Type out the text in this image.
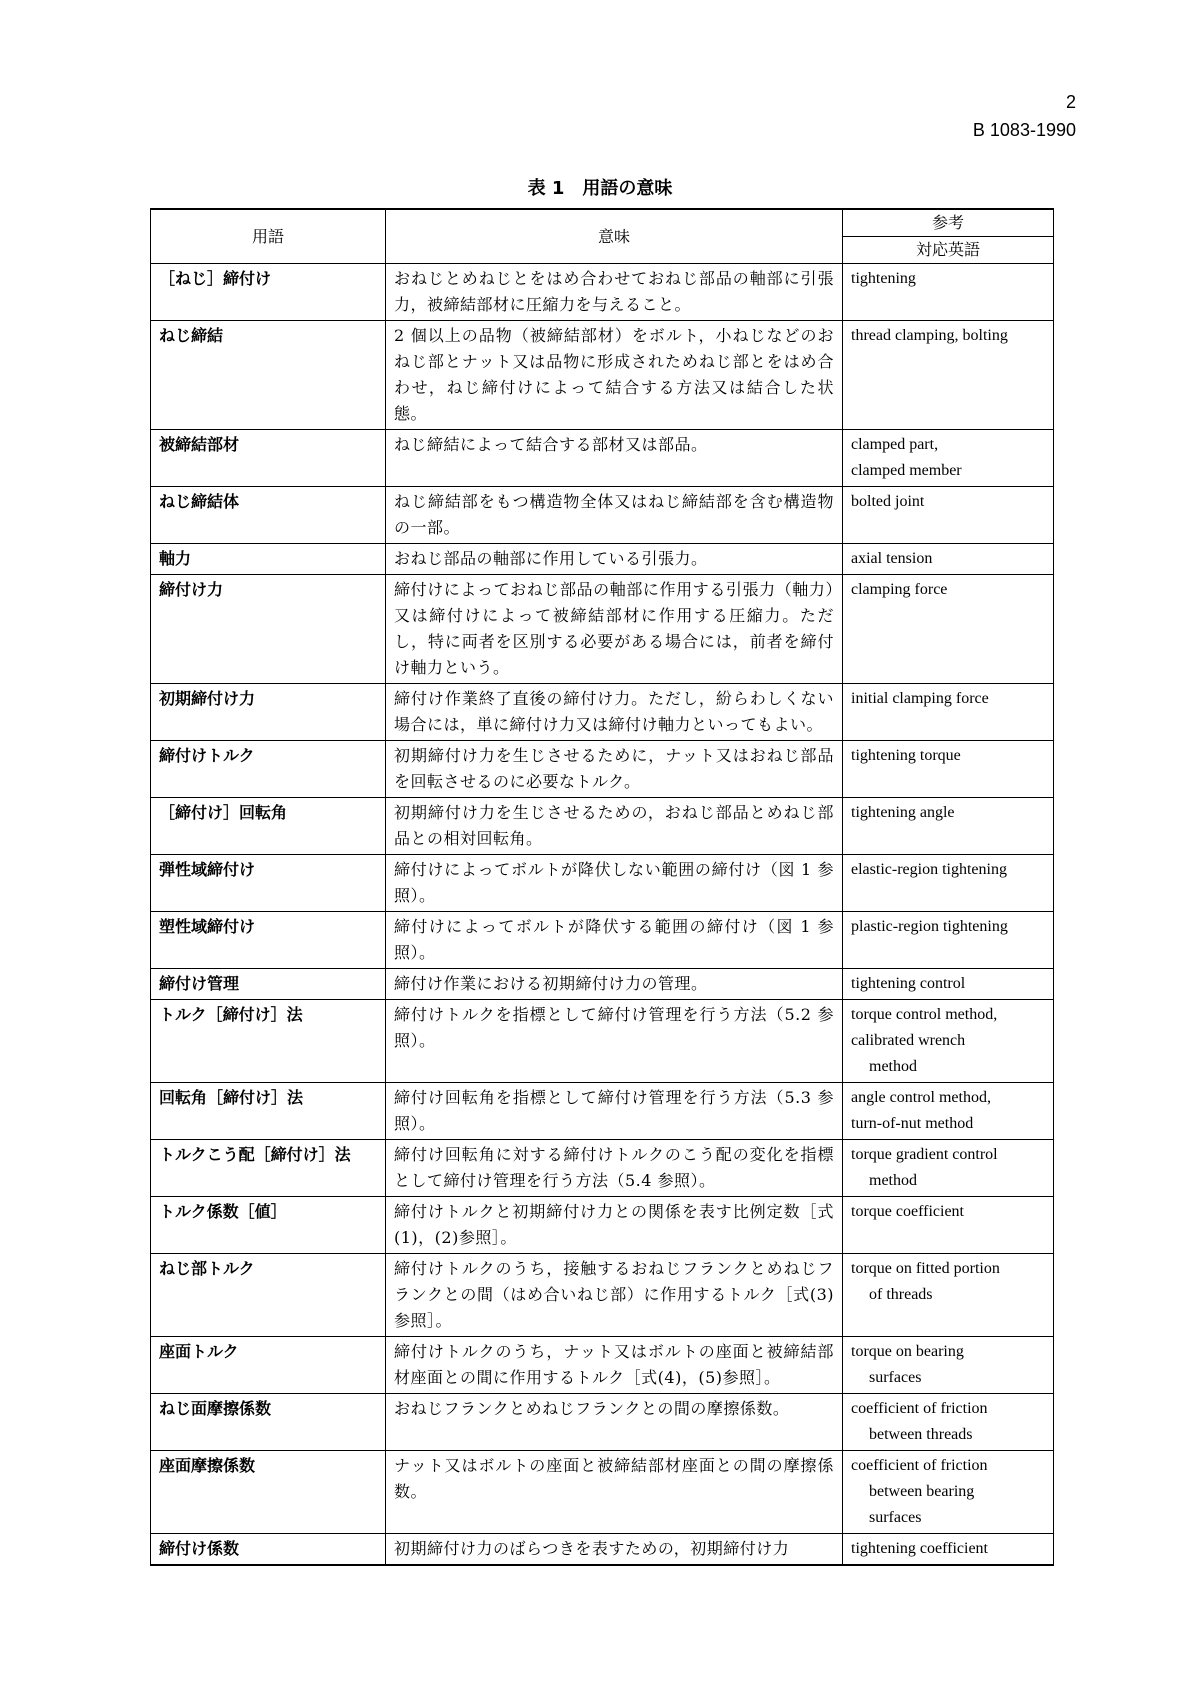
2
B 1083-1990
表 1　用語の意味
用語	意味	参考
		対応英語
［ねじ］締付け	おねじとめねじとをはめ合わせておねじ部品の軸部に引張力，被締結部材に圧縮力を与えること。	tightening

ねじ締結	2 個以上の品物（被締結部材）をボルト，小ねじなどのおねじ部とナット又は品物に形成されためねじ部とをはめ合わせ，ねじ締付けによって結合する方法又は結合した状態。	thread clamping, bolting

被締結部材	ねじ締結によって結合する部材又は部品。	clamped part,
clamped member

ねじ締結体	ねじ締結部をもつ構造物全体又はねじ締結部を含む構造物の一部。	bolted joint

軸力	おねじ部品の軸部に作用している引張力。	axial tension

締付け力	締付けによっておねじ部品の軸部に作用する引張力（軸力）又は締付けによって被締結部材に作用する圧縮力。ただし，特に両者を区別する必要がある場合には，前者を締付け軸力という。	clamping force

初期締付け力	締付け作業終了直後の締付け力。ただし，紛らわしくない場合には，単に締付け力又は締付け軸力といってもよい。	initial clamping force

締付けトルク	初期締付け力を生じさせるために，ナット又はおねじ部品を回転させるのに必要なトルク。	tightening torque

［締付け］回転角	初期締付け力を生じさせるための，おねじ部品とめねじ部品との相対回転角。	tightening angle

弾性域締付け	締付けによってボルトが降伏しない範囲の締付け（図 1 参照）。	elastic-region tightening

塑性域締付け	締付けによってボルトが降伏する範囲の締付け（図 1 参照）。	plastic-region tightening

締付け管理	締付け作業における初期締付け力の管理。	tightening control

トルク［締付け］法	締付けトルクを指標として締付け管理を行う方法（5.2 参照）。	torque control method,
calibrated wrench
method

回転角［締付け］法	締付け回転角を指標として締付け管理を行う方法（5.3 参照）。	angle control method,
turn-of-nut method

トルクこう配［締付け］法	締付け回転角に対する締付けトルクのこう配の変化を指標として締付け管理を行う方法（5.4 参照）。	torque gradient control
method

トルク係数［値］	締付けトルクと初期締付け力との関係を表す比例定数［式(1)，(2)参照］。	torque coefficient

ねじ部トルク	締付けトルクのうち，接触するおねじフランクとめねじフランクとの間（はめ合いねじ部）に作用するトルク［式(3)参照］。	torque on fitted portion
of threads

座面トルク	締付けトルクのうち，ナット又はボルトの座面と被締結部材座面との間に作用するトルク［式(4)，(5)参照］。	torque on bearing
surfaces

ねじ面摩擦係数	おねじフランクとめねじフランクとの間の摩擦係数。	coefficient of friction
between threads

座面摩擦係数	ナット又はボルトの座面と被締結部材座面との間の摩擦係数。	coefficient of friction
between bearing
surfaces

締付け係数	初期締付け力のばらつきを表すための，初期締付け力	tightening coefficient
